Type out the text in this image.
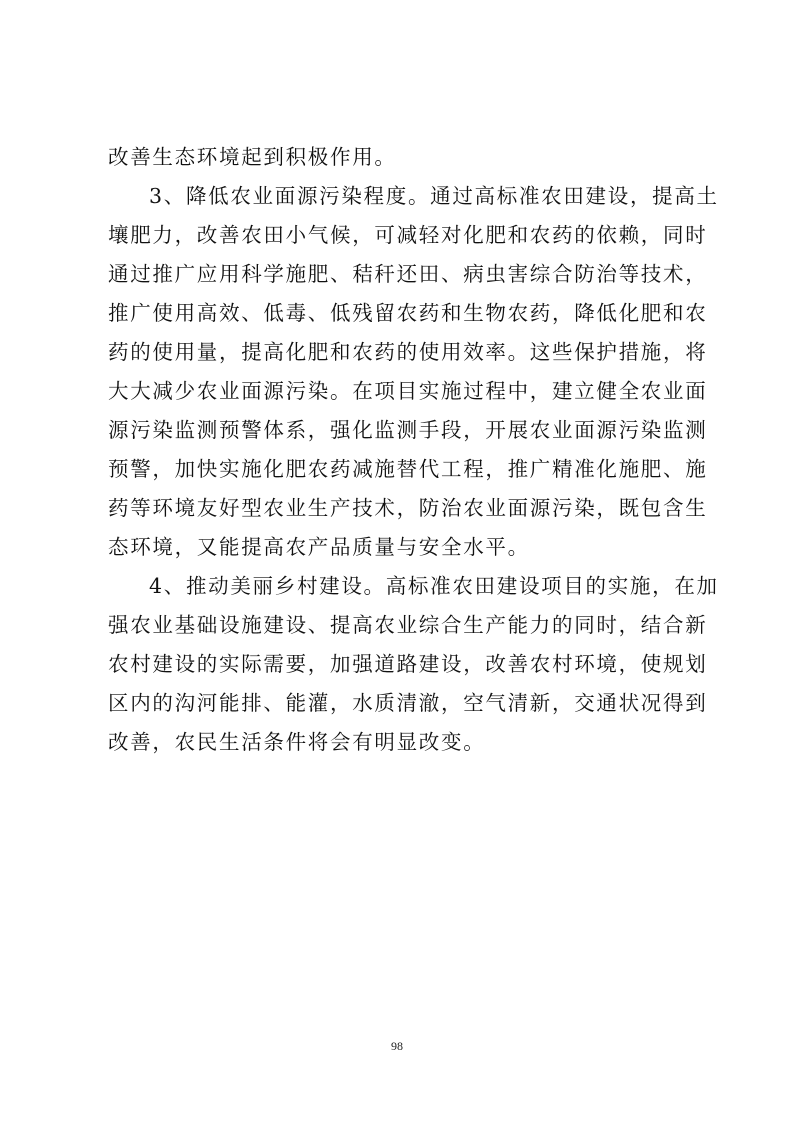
改善生态环境起到积极作用。

3、降低农业面源污染程度。通过高标准农田建设，提高土

壤肥力，改善农田小气候，可减轻对化肥和农药的依赖，同时

通过推广应用科学施肥、秸秆还田、病虫害综合防治等技术，

推广使用高效、低毒、低残留农药和生物农药，降低化肥和农

药的使用量，提高化肥和农药的使用效率。这些保护措施，将

大大减少农业面源污染。在项目实施过程中，建立健全农业面

源污染监测预警体系，强化监测手段，开展农业面源污染监测

预警，加快实施化肥农药减施替代工程，推广精准化施肥、施

药等环境友好型农业生产技术，防治农业面源污染，既包含生

态环境，又能提高农产品质量与安全水平。

4、推动美丽乡村建设。高标准农田建设项目的实施，在加

强农业基础设施建设、提高农业综合生产能力的同时，结合新

农村建设的实际需要，加强道路建设，改善农村环境，使规划

区内的沟河能排、能灌，水质清澈，空气清新，交通状况得到

改善，农民生活条件将会有明显改变。

98
